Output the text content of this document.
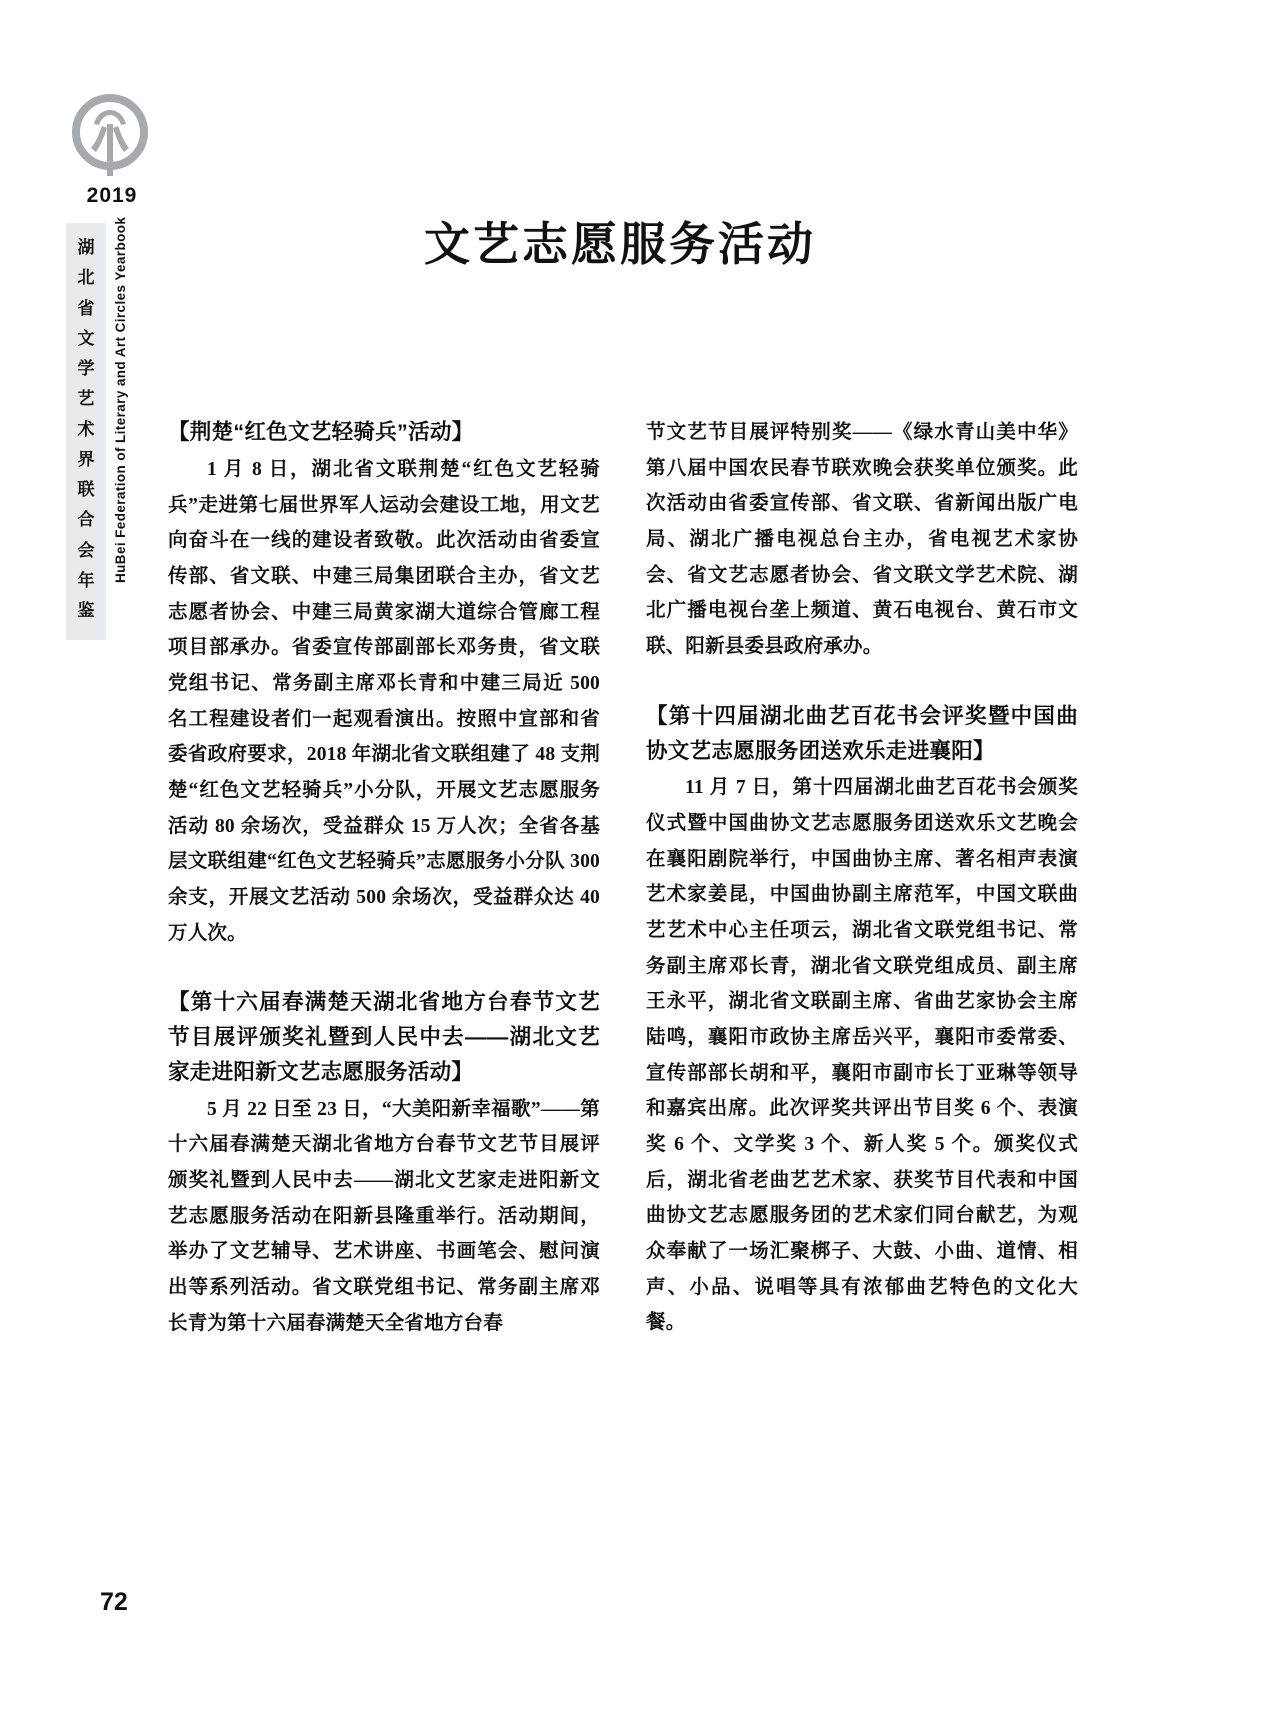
2019
湖
北
省
文
学
艺
术
界
联
合
会
年
鉴
HuBei Federation of Literary and Art Circles Yearbook	文艺志愿服务活动
【荆楚“红色文艺轻骑兵”活动】

1 月 8 日，湖北省文联荆楚“红色文艺轻骑兵”走进第七届世界军人运动会建设工地，用文艺向奋斗在一线的建设者致敬。此次活动由省委宣传部、省文联、中建三局集团联合主办，省文艺志愿者协会、中建三局黄家湖大道综合管廊工程项目部承办。省委宣传部副部长邓务贵，省文联党组书记、常务副主席邓长青和中建三局近 500 名工程建设者们一起观看演出。按照中宣部和省委省政府要求，2018 年湖北省文联组建了 48 支荆楚“红色文艺轻骑兵”小分队，开展文艺志愿服务活动 80 余场次，受益群众 15 万人次；全省各基层文联组建“红色文艺轻骑兵”志愿服务小分队 300 余支，开展文艺活动 500 余场次，受益群众达 40 万人次。

【第十六届春满楚天湖北省地方台春节文艺节目展评颁奖礼暨到人民中去——湖北文艺家走进阳新文艺志愿服务活动】

5 月 22 日至 23 日，“大美阳新幸福歌”——第十六届春满楚天湖北省地方台春节文艺节目展评颁奖礼暨到人民中去——湖北文艺家走进阳新文艺志愿服务活动在阳新县隆重举行。活动期间，举办了文艺辅导、艺术讲座、书画笔会、慰问演出等系列活动。省文联党组书记、常务副主席邓长青为第十六届春满楚天全省地方台春

节文艺节目展评特别奖——《绿水青山美中华》第八届中国农民春节联欢晚会获奖单位颁奖。此次活动由省委宣传部、省文联、省新闻出版广电局、湖北广播电视总台主办，省电视艺术家协会、省文艺志愿者协会、省文联文学艺术院、湖北广播电视台垄上频道、黄石电视台、黄石市文联、阳新县委县政府承办。

【第十四届湖北曲艺百花书会评奖暨中国曲协文艺志愿服务团送欢乐走进襄阳】

11 月 7 日，第十四届湖北曲艺百花书会颁奖仪式暨中国曲协文艺志愿服务团送欢乐文艺晚会在襄阳剧院举行，中国曲协主席、著名相声表演艺术家姜昆，中国曲协副主席范军，中国文联曲艺艺术中心主任项云，湖北省文联党组书记、常务副主席邓长青，湖北省文联党组成员、副主席王永平，湖北省文联副主席、省曲艺家协会主席陆鸣，襄阳市政协主席岳兴平，襄阳市委常委、宣传部部长胡和平，襄阳市副市长丁亚琳等领导和嘉宾出席。此次评奖共评出节目奖 6 个、表演奖 6 个、文学奖 3 个、新人奖 5 个。颁奖仪式后，湖北省老曲艺艺术家、获奖节目代表和中国曲协文艺志愿服务团的艺术家们同台献艺，为观众奉献了一场汇聚梆子、大鼓、小曲、道情、相声、小品、说唱等具有浓郁曲艺特色的文化大餐。

72
